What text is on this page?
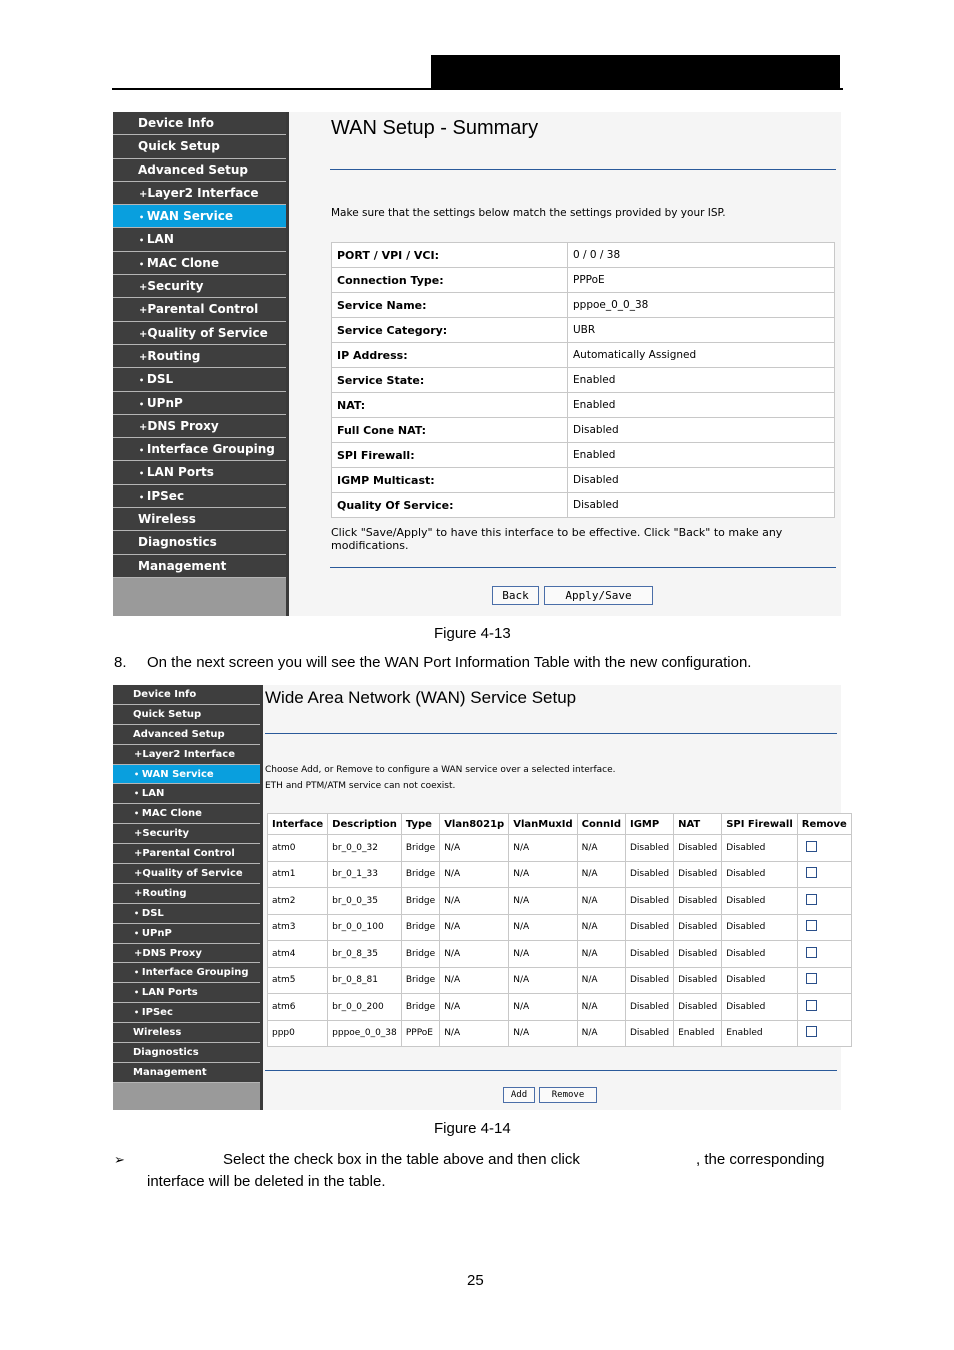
Device Info
Quick Setup
Advanced Setup
+ Layer2 Interface
• WAN Service
• LAN
• MAC Clone
+ Security
+ Parental Control
+ Quality of Service
+ Routing
• DSL
• UPnP
+ DNS Proxy
• Interface Grouping
• LAN Ports
• IPSec
Wireless
Diagnostics
Management
WAN Setup - Summary
Make sure that the settings below match the settings provided by your ISP.
PORT / VPI / VCI:	0 / 0 / 38
Connection Type:	PPPoE
Service Name:	pppoe_0_0_38
Service Category:	UBR
IP Address:	Automatically Assigned
Service State:	Enabled
NAT:	Enabled
Full Cone NAT:	Disabled
SPI Firewall:	Enabled
IGMP Multicast:	Disabled
Quality Of Service:	Disabled
Click "Save/Apply" to have this interface to be effective. Click "Back" to make any modifications.
Back	Apply/Save
Figure 4-13
8. On the next screen you will see the WAN Port Information Table with the new configuration.
Device Info
Quick Setup
Advanced Setup
+ Layer2 Interface
• WAN Service
• LAN
• MAC Clone
+ Security
+ Parental Control
+ Quality of Service
+ Routing
• DSL
• UPnP
+ DNS Proxy
• Interface Grouping
• LAN Ports
• IPSec
Wireless
Diagnostics
Management
Wide Area Network (WAN) Service Setup
Choose Add, or Remove to configure a WAN service over a selected interface.
ETH and PTM/ATM service can not coexist.
Interface	Description	Type	Vlan8021p	VlanMuxId	ConnId	IGMP	NAT	SPI Firewall	Remove
atm0	br_0_0_32	Bridge	N/A	N/A	N/A	Disabled	Disabled	Disabled	
atm1	br_0_1_33	Bridge	N/A	N/A	N/A	Disabled	Disabled	Disabled	
atm2	br_0_0_35	Bridge	N/A	N/A	N/A	Disabled	Disabled	Disabled	
atm3	br_0_0_100	Bridge	N/A	N/A	N/A	Disabled	Disabled	Disabled	
atm4	br_0_8_35	Bridge	N/A	N/A	N/A	Disabled	Disabled	Disabled	
atm5	br_0_8_81	Bridge	N/A	N/A	N/A	Disabled	Disabled	Disabled	
atm6	br_0_0_200	Bridge	N/A	N/A	N/A	Disabled	Disabled	Disabled	
ppp0	pppoe_0_0_38	PPPoE	N/A	N/A	N/A	Disabled	Enabled	Enabled	
Add	Remove
Figure 4-14
➢	Select the check box in the table above and then click	, the corresponding
interface will be deleted in the table.
25
